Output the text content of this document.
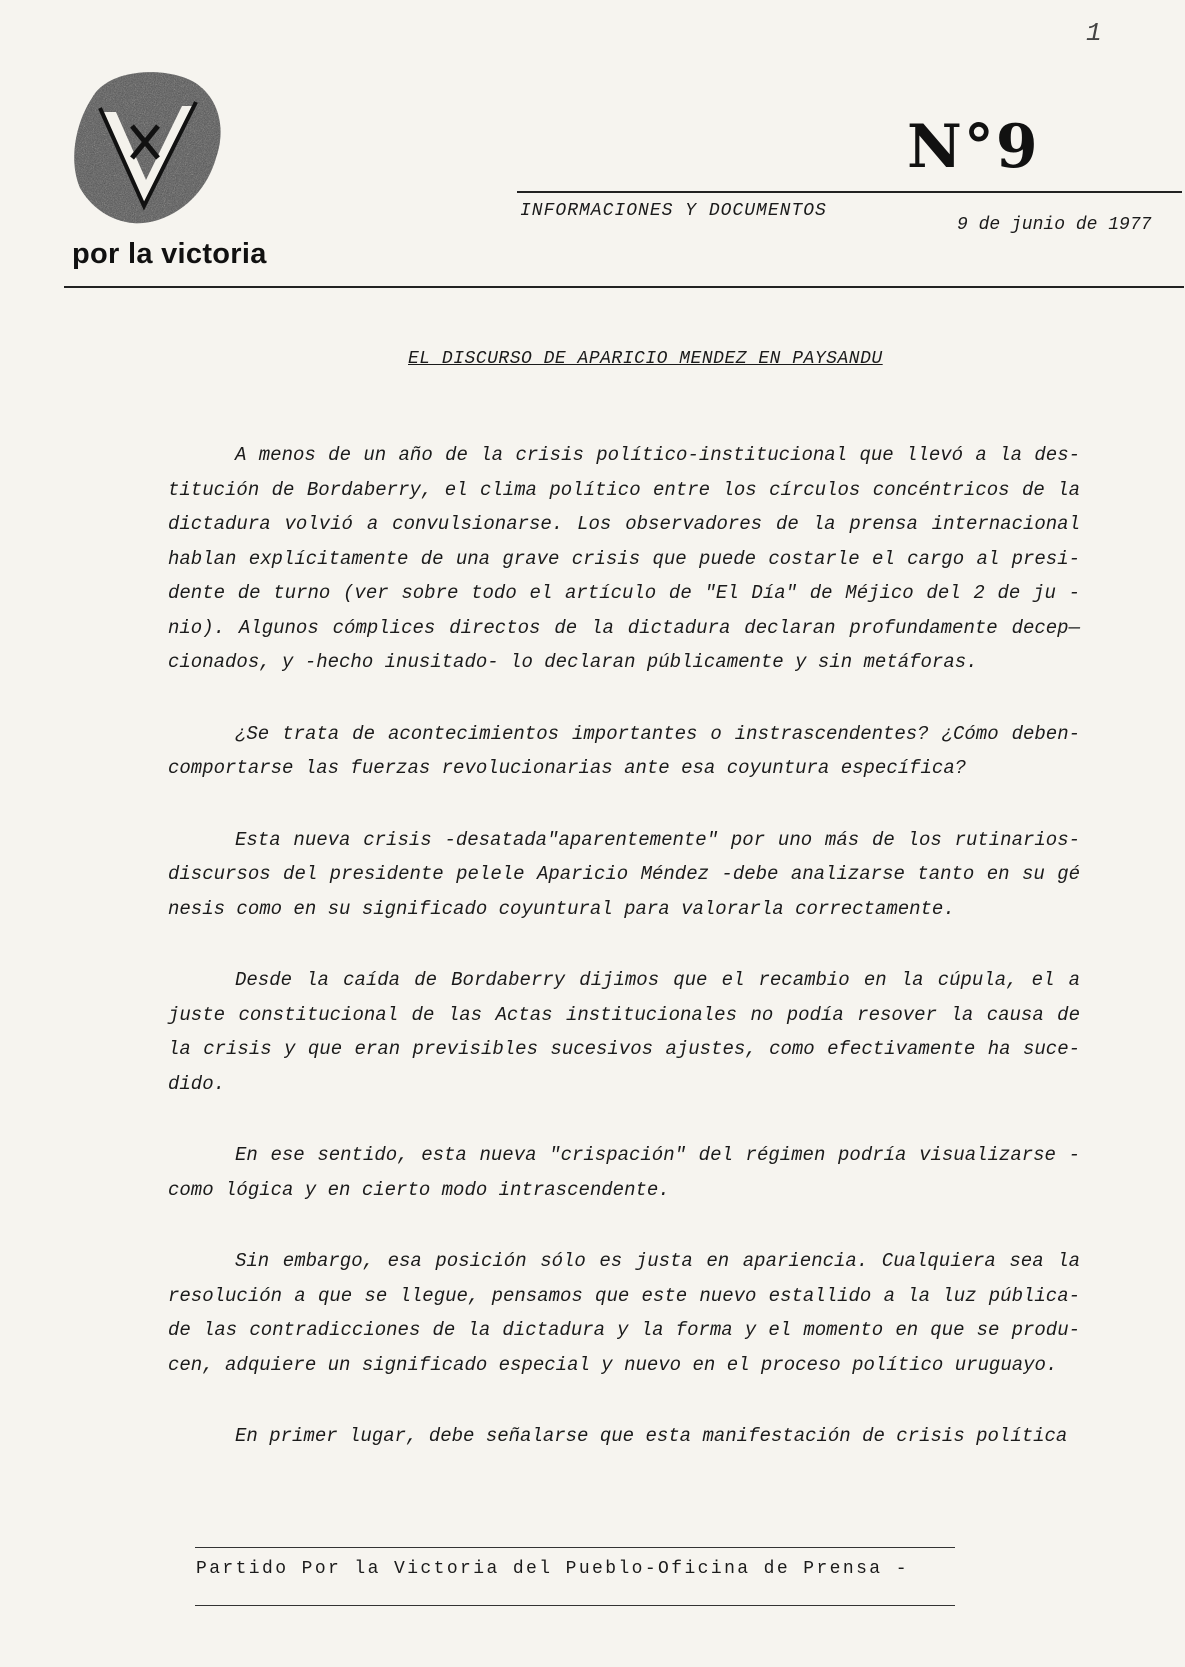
1
por la victoria
N°9
INFORMACIONES Y DOCUMENTOS
9 de junio de 1977
EL DISCURSO DE APARICIO MENDEZ EN PAYSANDU

A menos de un año de la crisis político-institucional que llevó a la des-
titución de Bordaberry, el clima político entre los círculos concéntricos de la
dictadura volvió a convulsionarse. Los observadores de la prensa internacional
hablan explícitamente de una grave crisis que puede costarle el cargo al presi-
dente de turno (ver sobre todo el artículo de "El Día" de Méjico del 2 de ju -
nio). Algunos cómplices directos de la dictadura declaran profundamente decep—
cionados, y -hecho inusitado- lo declaran públicamente y sin metáforas.

¿Se trata de acontecimientos importantes o instrascendentes? ¿Cómo deben-
comportarse las fuerzas revolucionarias ante esa coyuntura específica?

Esta nueva crisis -desatada"aparentemente" por uno más de los rutinarios-
discursos del presidente pelele Aparicio Méndez -debe analizarse tanto en su gé
nesis como en su significado coyuntural para valorarla correctamente.

Desde la caída de Bordaberry dijimos que el recambio en la cúpula, el a
juste constitucional de las Actas institucionales no podía resover la causa de
la crisis y que eran previsibles sucesivos ajustes, como efectivamente ha suce-
dido.

En ese sentido, esta nueva "crispación" del régimen podría visualizarse -
como lógica y en cierto modo intrascendente.

Sin embargo, esa posición sólo es justa en apariencia. Cualquiera sea la
resolución a que se llegue, pensamos que este nuevo estallido a la luz pública-
de las contradicciones de la dictadura y la forma y el momento en que se produ-
cen, adquiere un significado especial y nuevo en el proceso político uruguayo.

En primer lugar, debe señalarse que esta manifestación de crisis política

Partido Por la Victoria del Pueblo-Oficina de Prensa -
